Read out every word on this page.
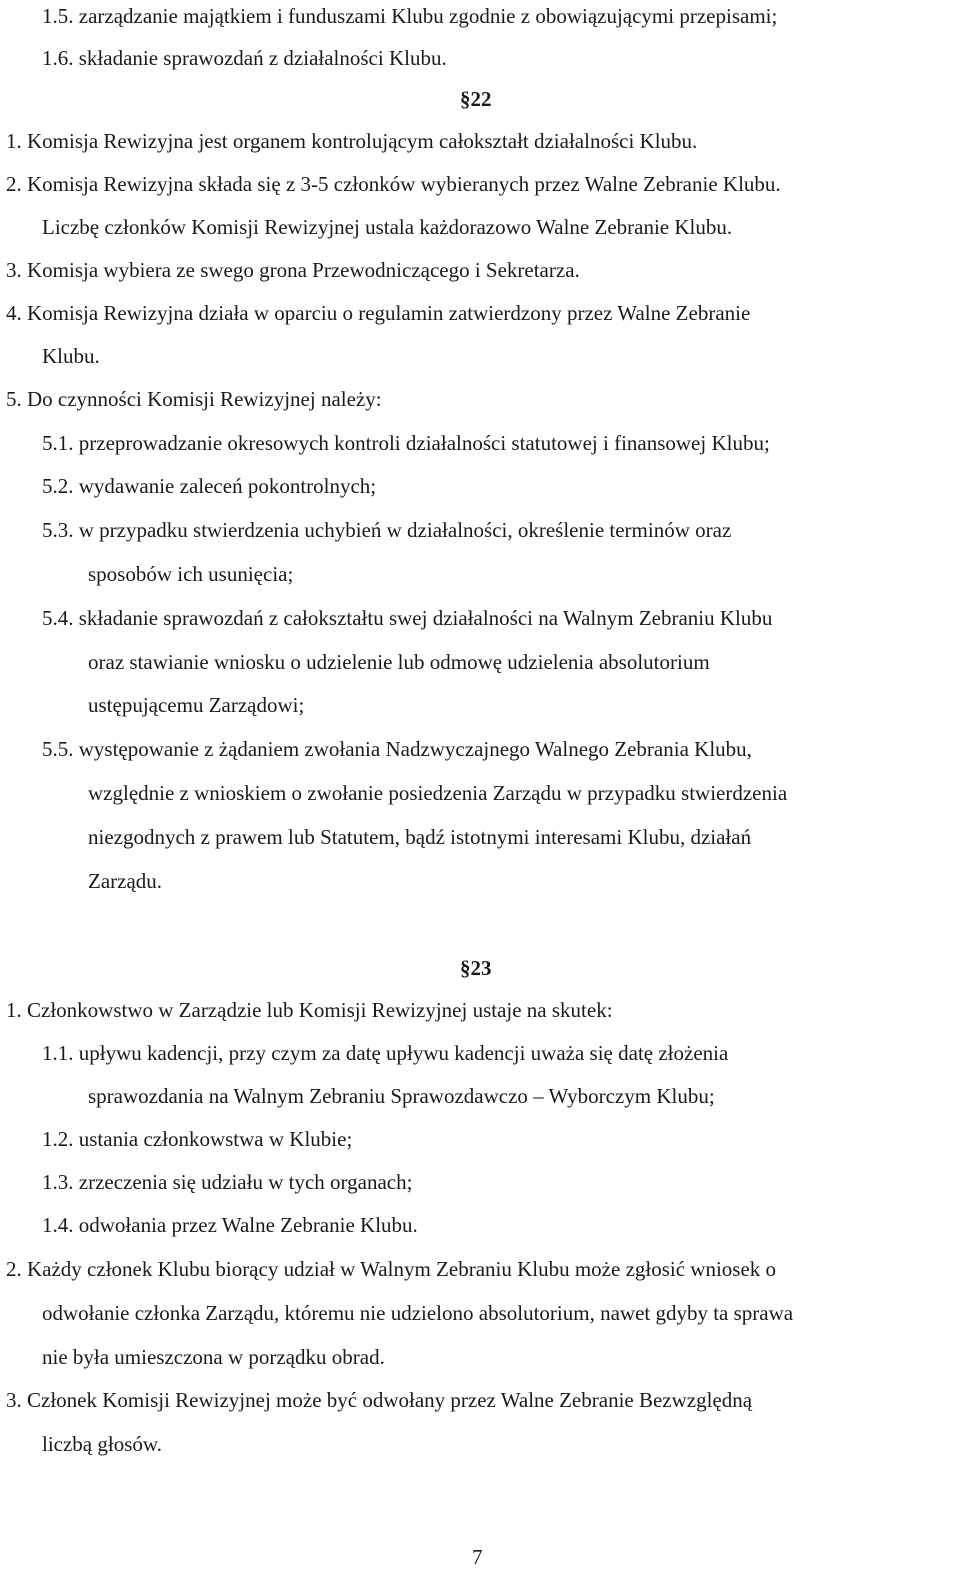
1.5. zarządzanie majątkiem i funduszami Klubu zgodnie z obowiązującymi przepisami;

1.6. składanie sprawozdań z działalności Klubu.

§22

1. Komisja Rewizyjna jest organem kontrolującym całokształt działalności Klubu.

2. Komisja Rewizyjna składa się z 3-5 członków wybieranych przez Walne Zebranie Klubu.

Liczbę członków Komisji Rewizyjnej ustala każdorazowo Walne Zebranie Klubu.

3. Komisja wybiera ze swego grona Przewodniczącego i Sekretarza.

4. Komisja Rewizyjna działa w oparciu o regulamin zatwierdzony przez Walne Zebranie

Klubu.

5. Do czynności Komisji Rewizyjnej należy:

5.1. przeprowadzanie okresowych kontroli działalności statutowej i finansowej Klubu;

5.2. wydawanie zaleceń pokontrolnych;

5.3. w przypadku stwierdzenia uchybień w działalności, określenie terminów oraz

sposobów ich usunięcia;

5.4. składanie sprawozdań z całokształtu swej działalności na Walnym Zebraniu Klubu

oraz stawianie wniosku o udzielenie lub odmowę udzielenia absolutorium

ustępującemu Zarządowi;

5.5. występowanie z żądaniem zwołania Nadzwyczajnego Walnego Zebrania Klubu,

względnie z wnioskiem o zwołanie posiedzenia Zarządu w przypadku stwierdzenia

niezgodnych z prawem lub Statutem, bądź istotnymi interesami Klubu, działań

Zarządu.

§23

1. Członkowstwo w Zarządzie lub Komisji Rewizyjnej ustaje na skutek:

1.1. upływu kadencji, przy czym za datę upływu kadencji uważa się datę złożenia

sprawozdania na Walnym Zebraniu Sprawozdawczo – Wyborczym Klubu;

1.2. ustania członkowstwa w Klubie;

1.3. zrzeczenia się udziału w tych organach;

1.4. odwołania przez Walne Zebranie Klubu.

2. Każdy członek Klubu biorący udział w Walnym Zebraniu Klubu może zgłosić wniosek o

odwołanie członka Zarządu, któremu nie udzielono absolutorium, nawet gdyby ta sprawa

nie była umieszczona w porządku obrad.

3. Członek Komisji Rewizyjnej może być odwołany przez Walne Zebranie Bezwzględną

liczbą głosów.

7
